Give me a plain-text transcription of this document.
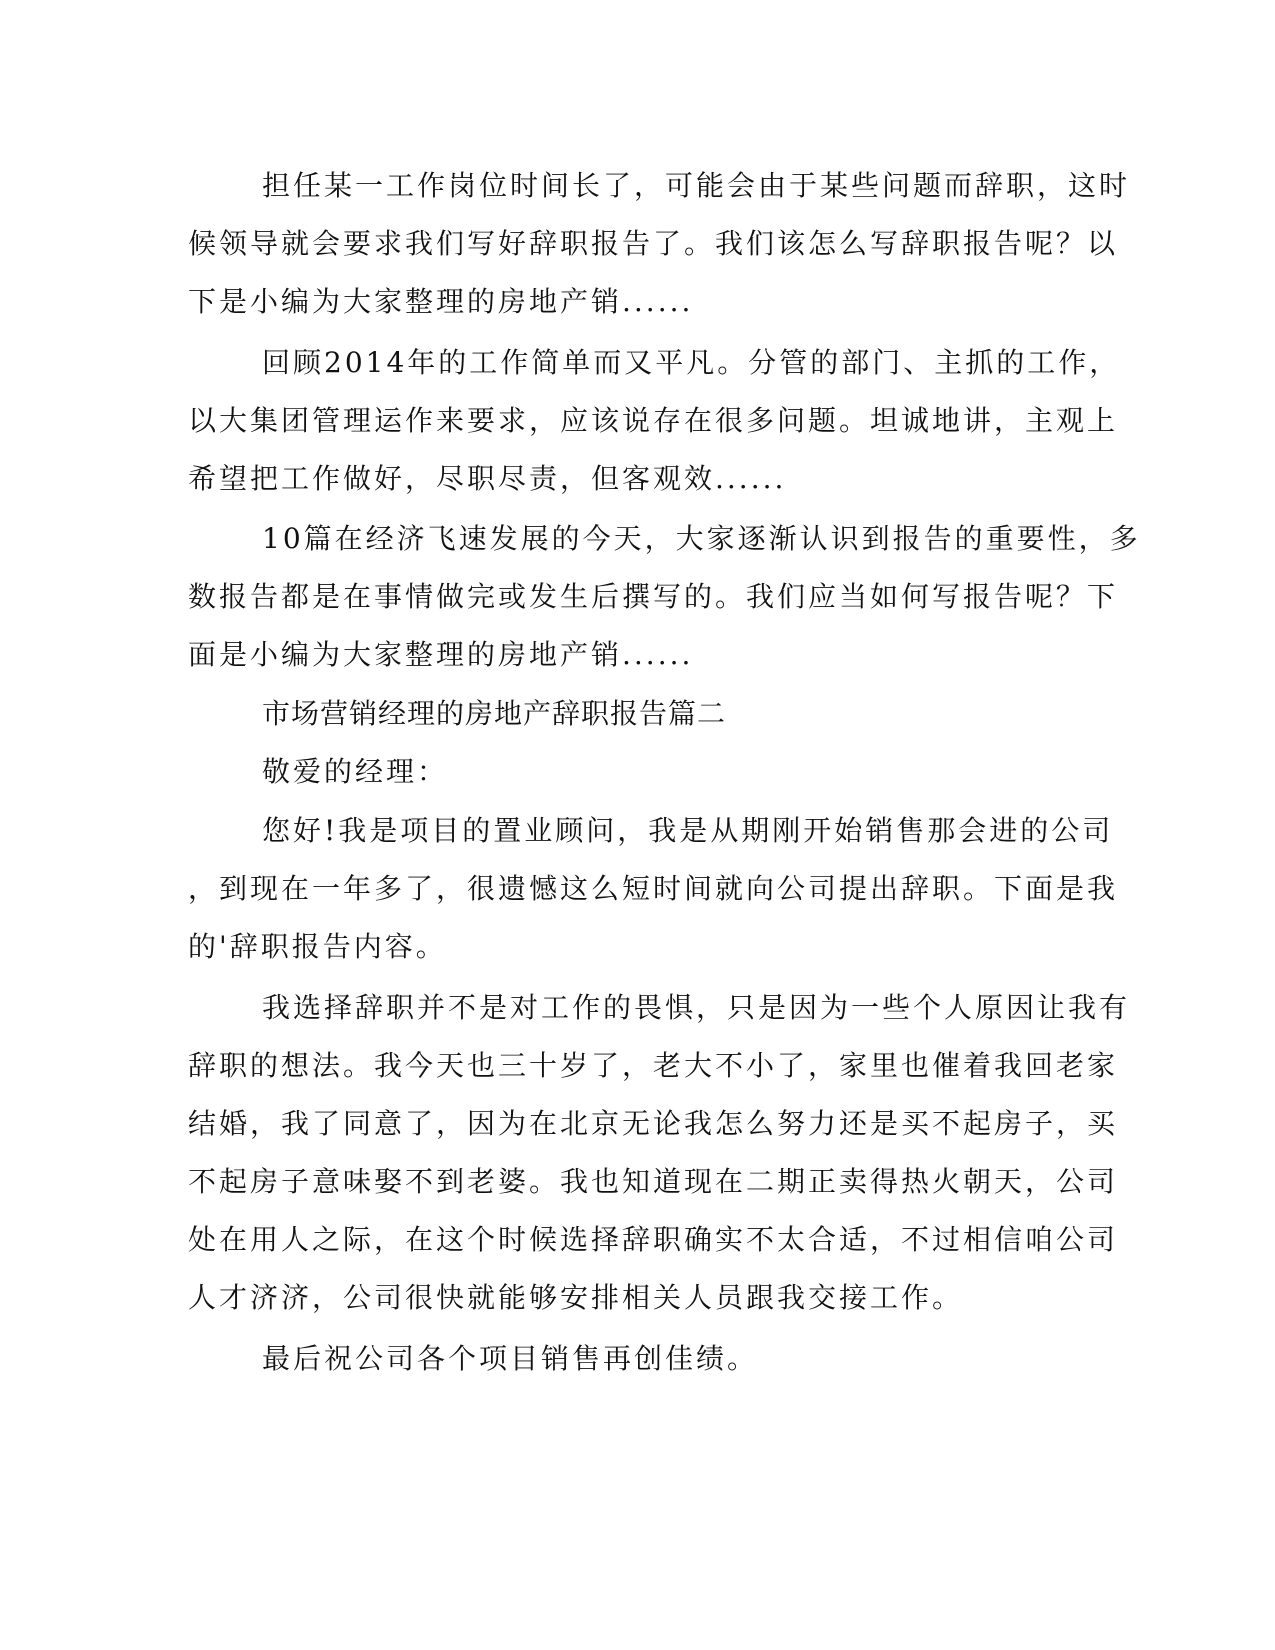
担任某一工作岗位时间长了，可能会由于某些问题而辞职，这时
候领导就会要求我们写好辞职报告了。我们该怎么写辞职报告呢？以
下是小编为大家整理的房地产销......
回顾2014年的工作简单而又平凡。分管的部门、主抓的工作，
以大集团管理运作来要求，应该说存在很多问题。坦诚地讲，主观上
希望把工作做好，尽职尽责，但客观效......
10篇在经济飞速发展的今天，大家逐渐认识到报告的重要性，多
数报告都是在事情做完或发生后撰写的。我们应当如何写报告呢？下
面是小编为大家整理的房地产销......
市场营销经理的房地产辞职报告篇二
敬爱的经理：
您好!我是项目的置业顾问，我是从期刚开始销售那会进的公司
，到现在一年多了，很遗憾这么短时间就向公司提出辞职。下面是我
的'辞职报告内容。
我选择辞职并不是对工作的畏惧，只是因为一些个人原因让我有
辞职的想法。我今天也三十岁了，老大不小了，家里也催着我回老家
结婚，我了同意了，因为在北京无论我怎么努力还是买不起房子，买
不起房子意味娶不到老婆。我也知道现在二期正卖得热火朝天，公司
处在用人之际，在这个时候选择辞职确实不太合适，不过相信咱公司
人才济济，公司很快就能够安排相关人员跟我交接工作。
最后祝公司各个项目销售再创佳绩。
